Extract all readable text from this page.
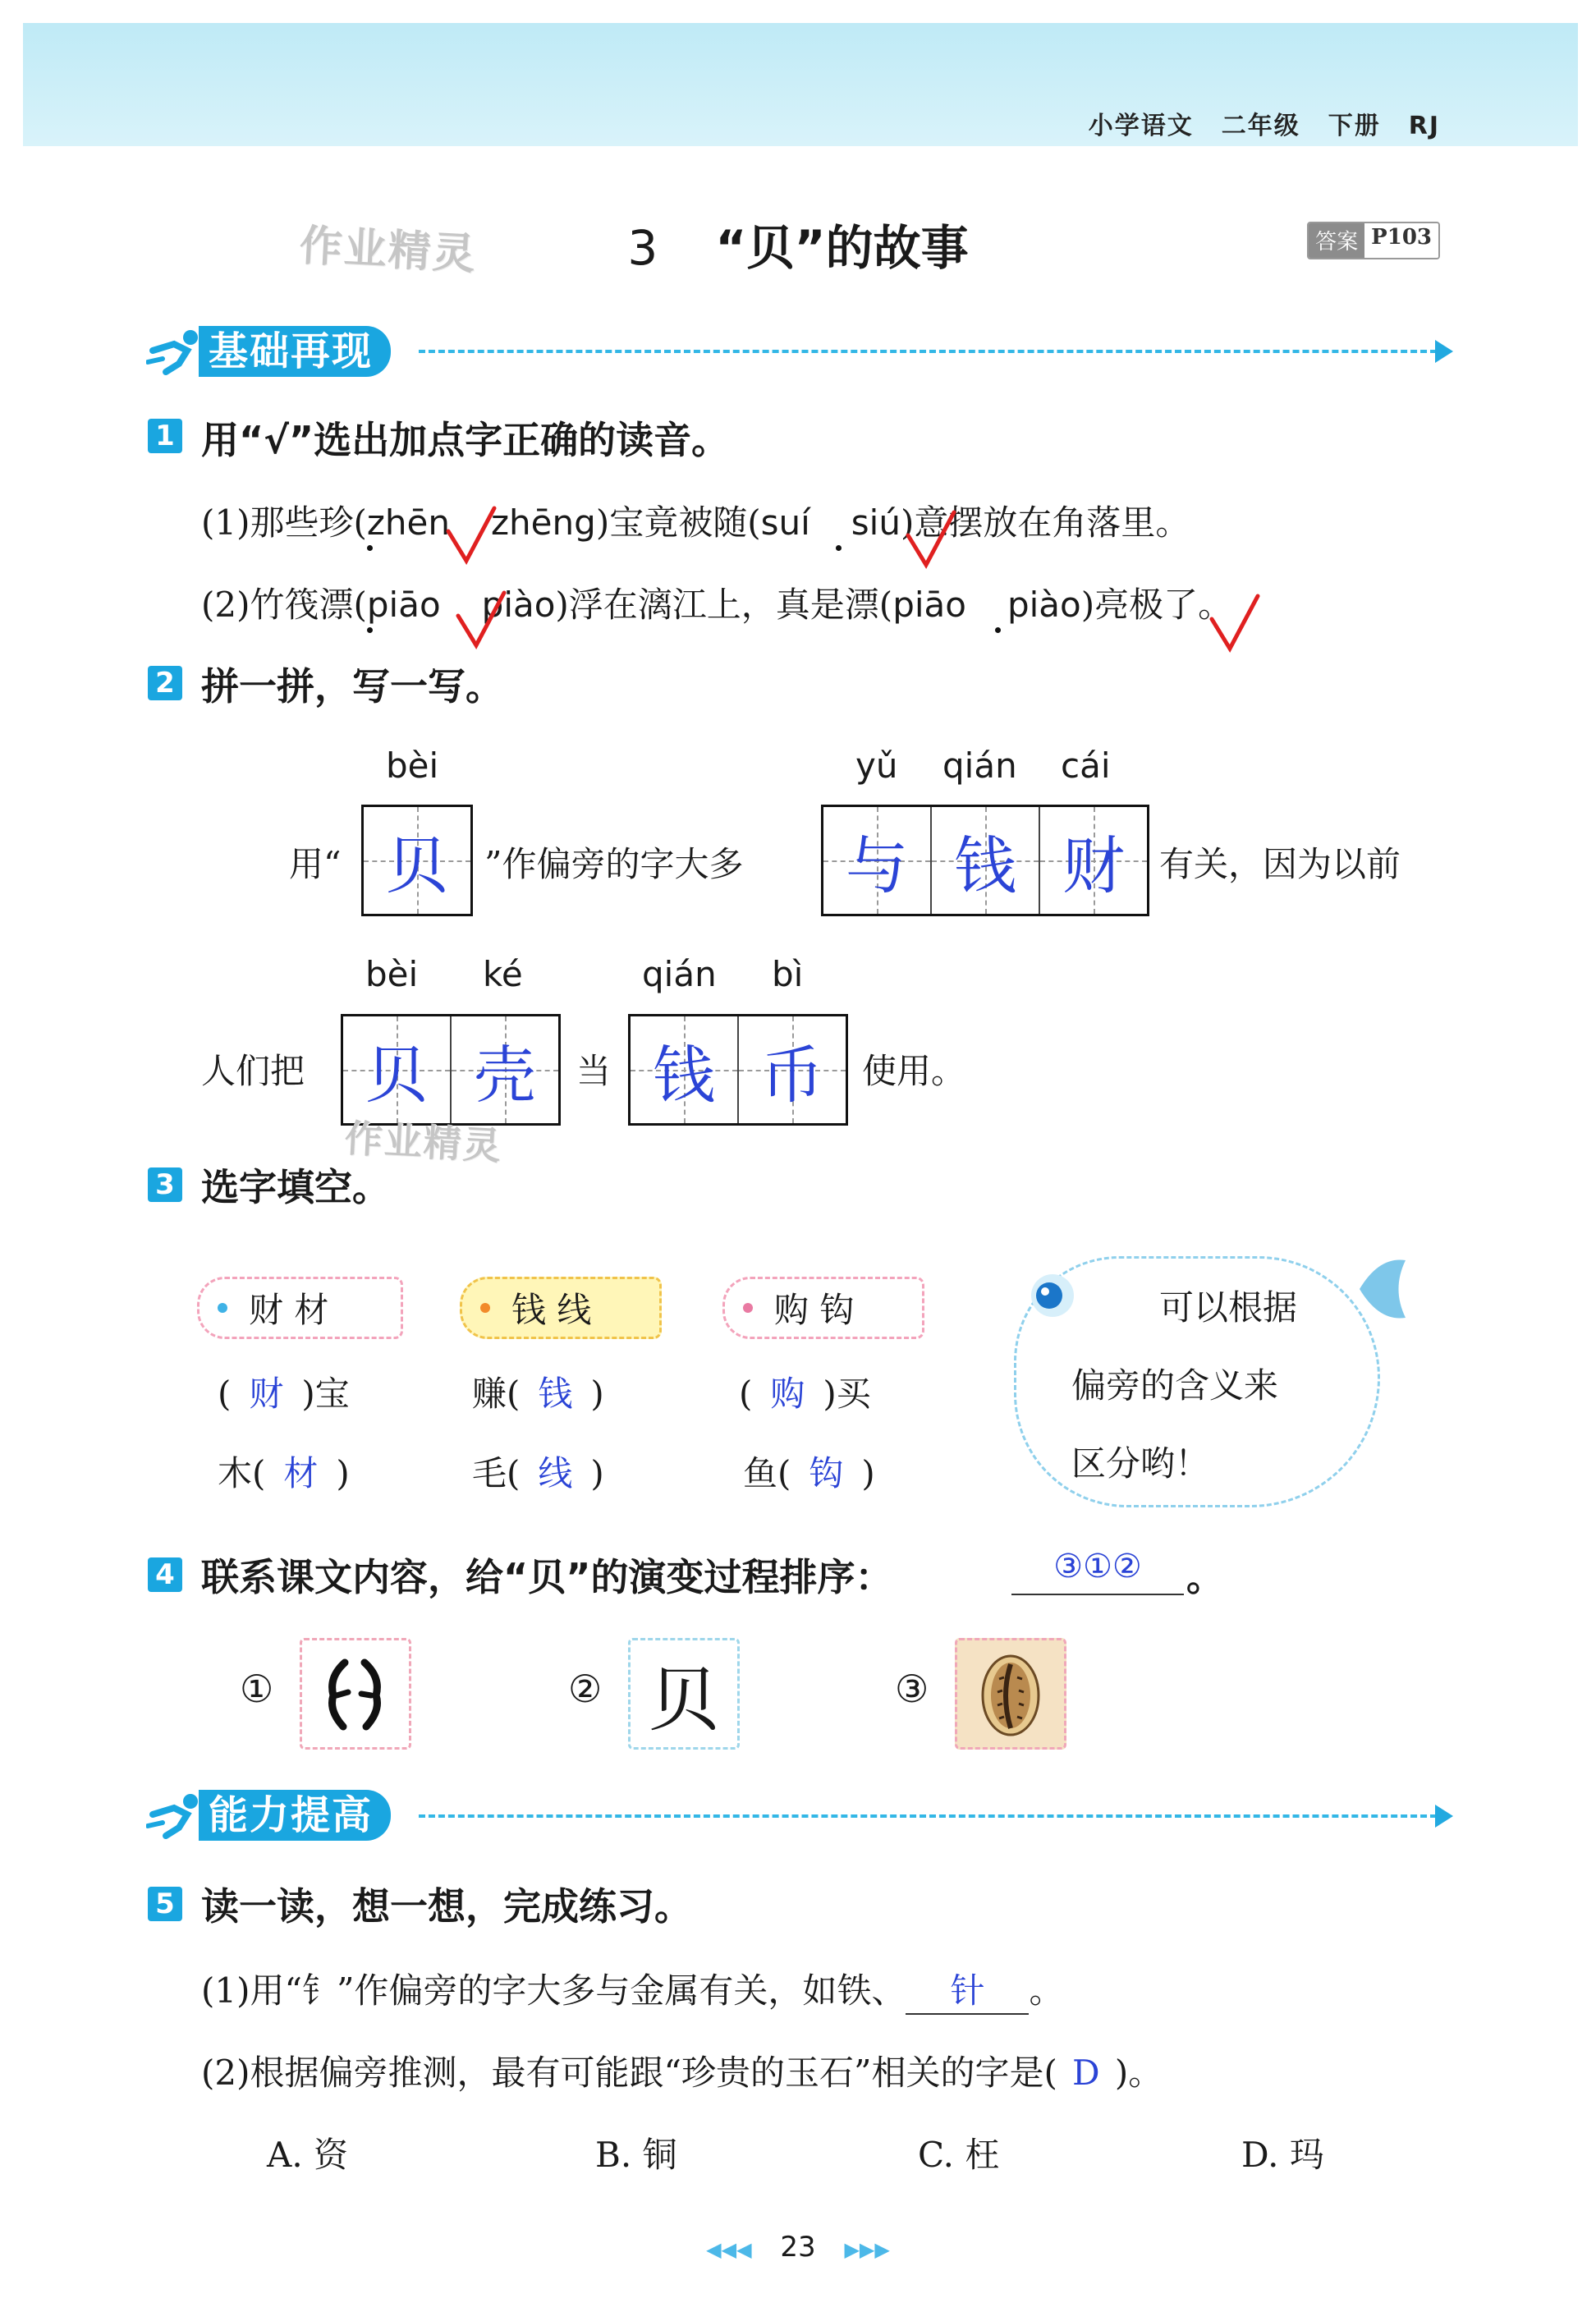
小学语文 二年级 下册 RJ
作业精灵	3 “贝”的故事	答案 P103
基础再现
1 用“√”选出加点字正确的读音。
(1)那些珍(zhēn zhēng)宝竟被随(suí siú)意摆放在角落里。
(2)竹筏漂(piāo piào)浮在漓江上，真是漂(piāo piào)亮极了。
2 拼一拼，写一写。
bèi	yǔ qián cái
用“ 贝 ”作偏旁的字大多 与 钱 财 有关，因为以前
bèi ké	qián bì
人们把 贝 壳 当 钱 币 使用。
作业精灵
3 选字填空。
财 材	钱 线	购 钩
( 财 )宝
木( 材 )
赚( 钱 )
毛( 线 )
( 购 )买
鱼( 钩 )
可以根据
偏旁的含义来
区分哟！
4 联系课文内容，给“贝”的演变过程排序：	③①②	。
①	② 贝	③
能力提高
5 读一读，想一想，完成练习。
(1)用“钅”作偏旁的字大多与金属有关，如铁、 针 。
(2)根据偏旁推测，最有可能跟“珍贵的玉石”相关的字是( D )。
A. 资	B. 铜	C. 枉	D. 玛
◀◀◀ 23 ▶▶▶
